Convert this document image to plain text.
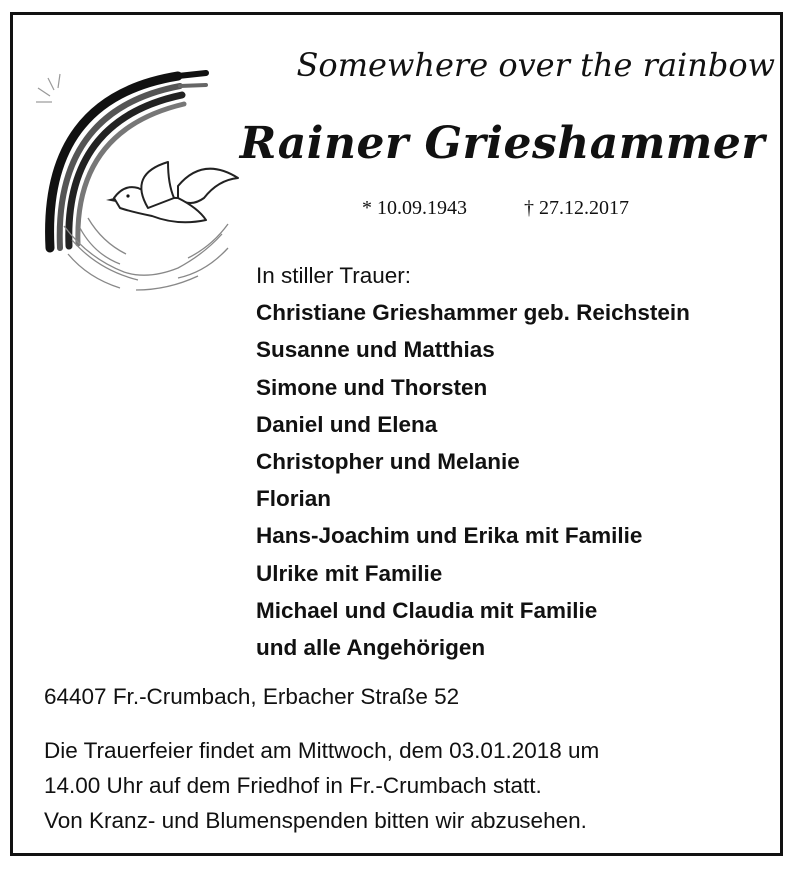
Somewhere over the rainbow
Rainer Grieshammer
* 10.09.1943	† 27.12.2017
In stiller Trauer:
Christiane Grieshammer geb. Reichstein
Susanne und Matthias
Simone und Thorsten
Daniel und Elena
Christopher und Melanie
Florian
Hans-Joachim und Erika mit Familie
Ulrike mit Familie
Michael und Claudia mit Familie
und alle Angehörigen
64407 Fr.-Crumbach, Erbacher Straße 52
Die Trauerfeier findet am Mittwoch, dem 03.01.2018 um
14.00 Uhr auf dem Friedhof in Fr.-Crumbach statt.
Von Kranz- und Blumenspenden bitten wir abzusehen.
